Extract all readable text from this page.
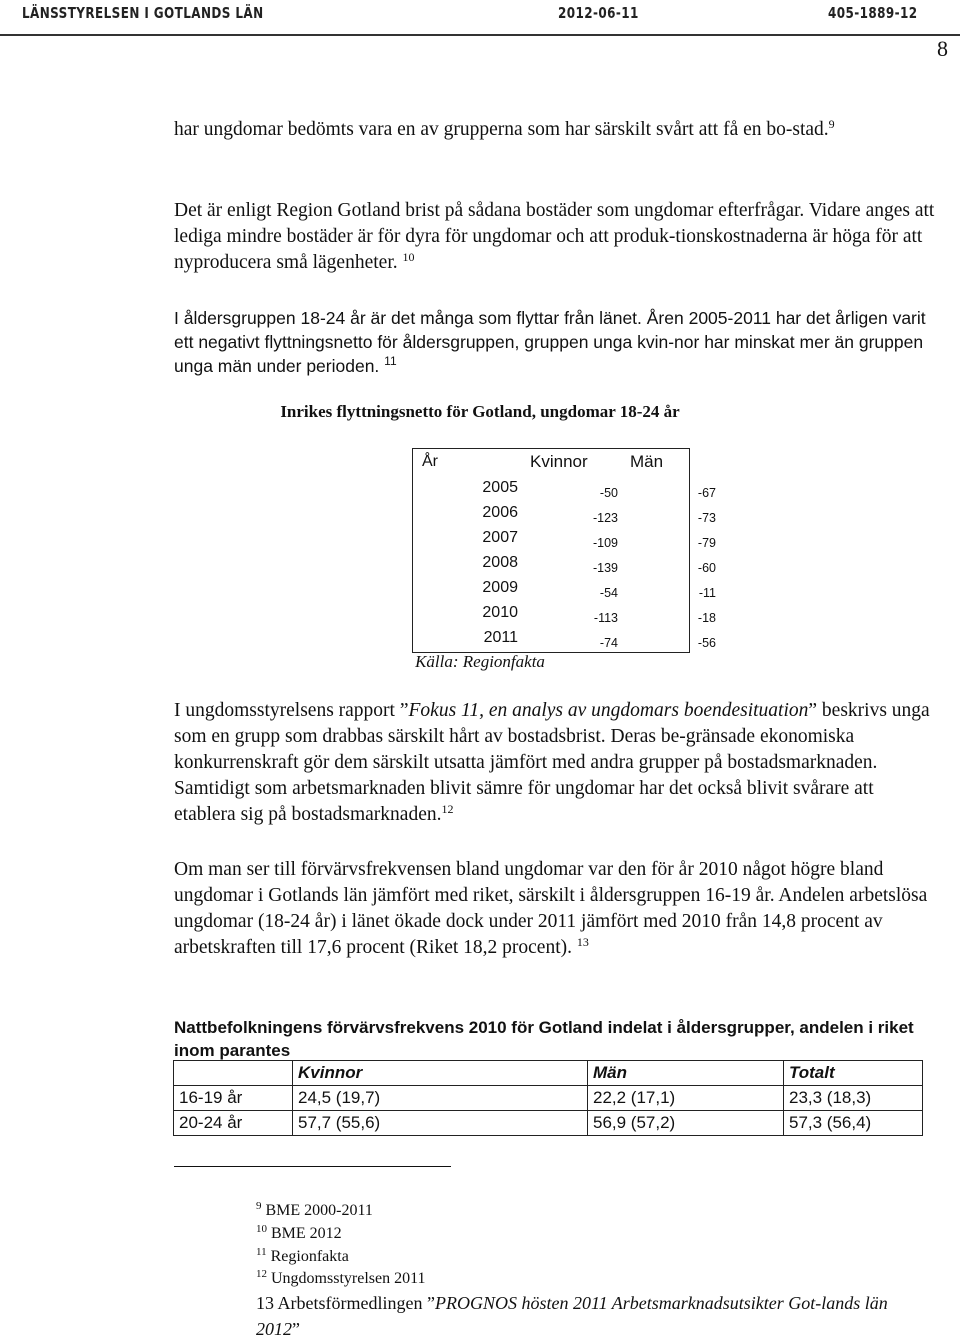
LÄNSSTYRELSEN I GOTLANDS LÄN	2012-06-11	405-1889-12
8

har ungdomar bedömts vara en av grupperna som har särskilt svårt att få en bo-stad.$^9$

Det är enligt Region Gotland brist på sådana bostäder som ungdomar efterfrågar. Vidare anges att lediga mindre bostäder är för dyra för ungdomar och att produk-tionskostnaderna är höga för att nyproducera små lägenheter. $^{10}$

I åldersgruppen 18-24 år är det många som flyttar från länet. Åren 2005-2011 har det årligen varit ett negativt flyttningsnetto för åldersgruppen, gruppen unga kvin-nor har minskat mer än gruppen unga män under perioden. $^{11}$

Inrikes flyttningsnetto för Gotland, ungdomar 18-24 år
År	Kvinnor	Män
2005	-50	-67
2006	-123	-73
2007	-109	-79
2008	-139	-60
2009	-54	-11
2010	-113	-18
2011	-74	-56
Källa: Regionfakta

I ungdomsstyrelsens rapport ”Fokus 11, en analys av ungdomars boendesituation” beskrivs unga som en grupp som drabbas särskilt hårt av bostadsbrist. Deras be-gränsade ekonomiska konkurrenskraft gör dem särskilt utsatta jämfört med andra grupper på bostadsmarknaden. Samtidigt som arbetsmarknaden blivit sämre för ungdomar har det också blivit svårare att etablera sig på bostadsmarknaden.$^{12}$

Om man ser till förvärvsfrekvensen bland ungdomar var den för år 2010 något högre bland ungdomar i Gotlands län jämfört med riket, särskilt i åldersgruppen 16-19 år. Andelen arbetslösa ungdomar (18-24 år) i länet ökade dock under 2011 jämfört med 2010 från 14,8 procent av arbetskraften till 17,6 procent (Riket 18,2 procent). $^{13}$

Nattbefolkningens förvärvsfrekvens 2010 för Gotland indelat i åldersgrupper, andelen i riket inom parantes
	Kvinnor	Män	Totalt
16-19 år	24,5 (19,7)	22,2 (17,1)	23,3 (18,3)
20-24 år	57,7 (55,6)	56,9 (57,2)	57,3 (56,4)
$^9$ BME 2000-2011
$^{10}$ BME 2012
$^{11}$ Regionfakta
$^{12}$ Ungdomsstyrelsen 2011
13 Arbetsförmedlingen ”PROGNOS hösten 2011 Arbetsmarknadsutsikter Got-lands län 2012”
